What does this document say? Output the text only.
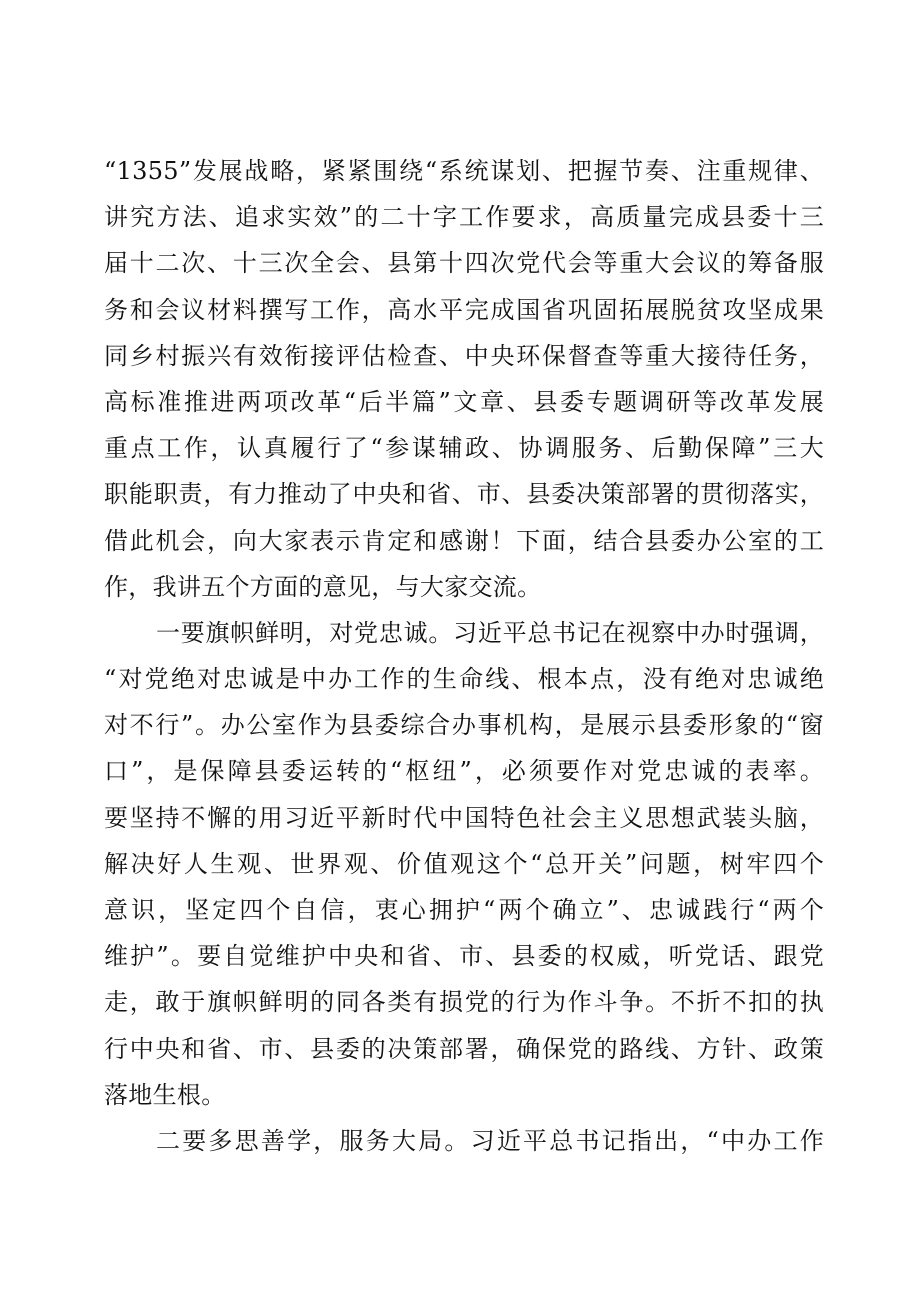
“1355”发展战略，紧紧围绕“系统谋划、把握节奏、注重规律、
讲究方法、追求实效”的二十字工作要求，高质量完成县委十三
届十二次、十三次全会、县第十四次党代会等重大会议的筹备服
务和会议材料撰写工作，高水平完成国省巩固拓展脱贫攻坚成果
同乡村振兴有效衔接评估检查、中央环保督查等重大接待任务，
高标准推进两项改革“后半篇”文章、县委专题调研等改革发展
重点工作，认真履行了“参谋辅政、协调服务、后勤保障”三大
职能职责，有力推动了中央和省、市、县委决策部署的贯彻落实，
借此机会，向大家表示肯定和感谢！下面，结合县委办公室的工
作，我讲五个方面的意见，与大家交流。
一要旗帜鲜明，对党忠诚。习近平总书记在视察中办时强调，
“对党绝对忠诚是中办工作的生命线、根本点，没有绝对忠诚绝
对不行”。办公室作为县委综合办事机构，是展示县委形象的“窗
口”，是保障县委运转的“枢纽”，必须要作对党忠诚的表率。
要坚持不懈的用习近平新时代中国特色社会主义思想武装头脑，
解决好人生观、世界观、价值观这个“总开关”问题，树牢四个
意识，坚定四个自信，衷心拥护“两个确立”、忠诚践行“两个
维护”。要自觉维护中央和省、市、县委的权威，听党话、跟党
走，敢于旗帜鲜明的同各类有损党的行为作斗争。不折不扣的执
行中央和省、市、县委的决策部署，确保党的路线、方针、政策
落地生根。
二要多思善学，服务大局。习近平总书记指出，“中办工作
